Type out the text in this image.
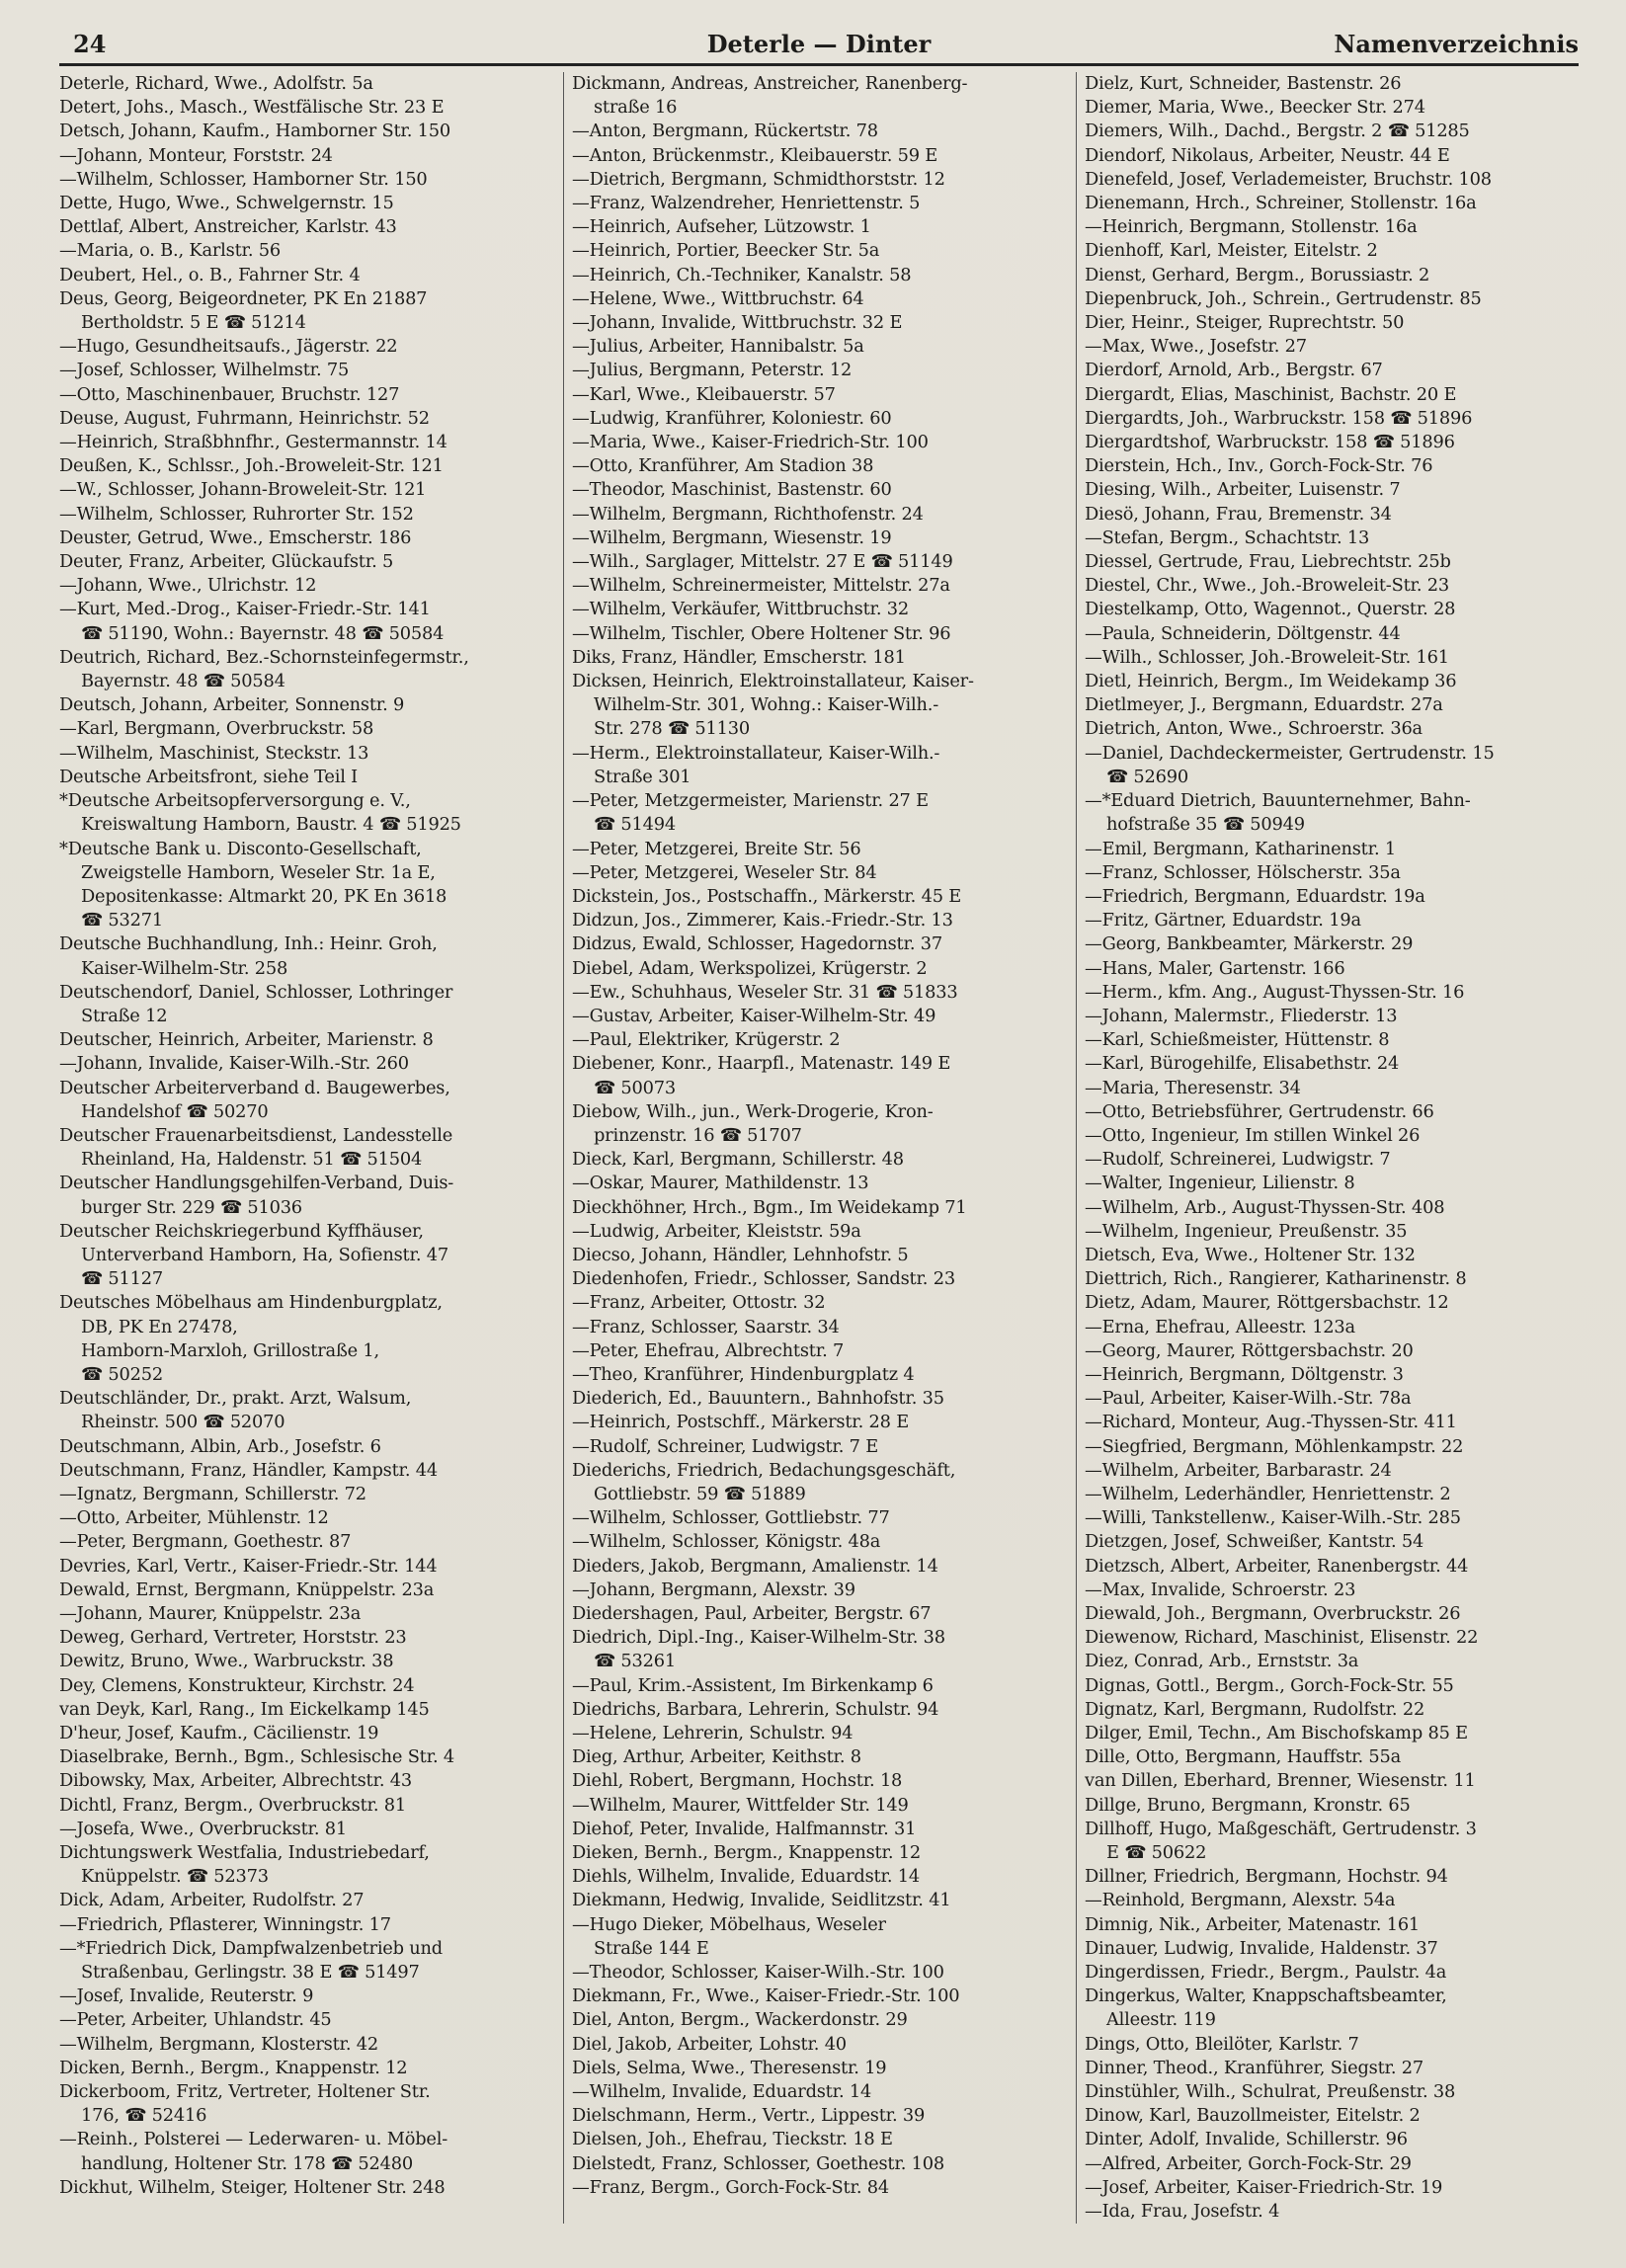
24	Deterle — Dinter	Namenverzeichnis

Deterle, Richard, Wwe., Adolfstr. 5a

Detert, Johs., Masch., Westfälische Str. 23 E

Detsch, Johann, Kaufm., Hamborner Str. 150

—Johann, Monteur, Forststr. 24

—Wilhelm, Schlosser, Hamborner Str. 150

Dette, Hugo, Wwe., Schwelgernstr. 15

Dettlaf, Albert, Anstreicher, Karlstr. 43

—Maria, o. B., Karlstr. 56

Deubert, Hel., o. B., Fahrner Str. 4

Deus, Georg, Beigeordneter, PK En 21887
Bertholdstr. 5 E ☎ 51214

—Hugo, Gesundheitsaufs., Jägerstr. 22

—Josef, Schlosser, Wilhelmstr. 75

—Otto, Maschinenbauer, Bruchstr. 127

Deuse, August, Fuhrmann, Heinrichstr. 52

—Heinrich, Straßbhnfhr., Gestermannstr. 14

Deußen, K., Schlssr., Joh.-Broweleit-Str. 121

—W., Schlosser, Johann-Broweleit-Str. 121

—Wilhelm, Schlosser, Ruhrorter Str. 152

Deuster, Getrud, Wwe., Emscherstr. 186

Deuter, Franz, Arbeiter, Glückaufstr. 5

—Johann, Wwe., Ulrichstr. 12

—Kurt, Med.-Drog., Kaiser-Friedr.-Str. 141
☎ 51190, Wohn.: Bayernstr. 48 ☎ 50584

Deutrich, Richard, Bez.-Schornsteinfegermstr.,
Bayernstr. 48 ☎ 50584

Deutsch, Johann, Arbeiter, Sonnenstr. 9

—Karl, Bergmann, Overbruckstr. 58

—Wilhelm, Maschinist, Steckstr. 13

Deutsche Arbeitsfront, siehe Teil I

*Deutsche Arbeitsopferversorgung e. V.,
Kreiswaltung Hamborn, Baustr. 4 ☎ 51925

*Deutsche Bank u. Disconto-Gesellschaft,
Zweigstelle Hamborn, Weseler Str. 1a E,
Depositenkasse: Altmarkt 20, PK En 3618
☎ 53271

Deutsche Buchhandlung, Inh.: Heinr. Groh,
Kaiser-Wilhelm-Str. 258

Deutschendorf, Daniel, Schlosser, Lothringer
Straße 12

Deutscher, Heinrich, Arbeiter, Marienstr. 8

—Johann, Invalide, Kaiser-Wilh.-Str. 260

Deutscher Arbeiterverband d. Baugewerbes,
Handelshof ☎ 50270

Deutscher Frauenarbeitsdienst, Landesstelle
Rheinland, Ha, Haldenstr. 51 ☎ 51504

Deutscher Handlungsgehilfen-Verband, Duis-
burger Str. 229 ☎ 51036

Deutscher Reichskriegerbund Kyffhäuser,
Unterverband Hamborn, Ha, Sofienstr. 47
☎ 51127

Deutsches Möbelhaus am Hindenburgplatz,
DB, PK En 27478,
Hamborn-Marxloh, Grillostraße 1,
☎ 50252

Deutschländer, Dr., prakt. Arzt, Walsum,
Rheinstr. 500 ☎ 52070

Deutschmann, Albin, Arb., Josefstr. 6

Deutschmann, Franz, Händler, Kampstr. 44

—Ignatz, Bergmann, Schillerstr. 72

—Otto, Arbeiter, Mühlenstr. 12

—Peter, Bergmann, Goethestr. 87

Devries, Karl, Vertr., Kaiser-Friedr.-Str. 144

Dewald, Ernst, Bergmann, Knüppelstr. 23a

—Johann, Maurer, Knüppelstr. 23a

Deweg, Gerhard, Vertreter, Horststr. 23

Dewitz, Bruno, Wwe., Warbruckstr. 38

Dey, Clemens, Konstrukteur, Kirchstr. 24

van Deyk, Karl, Rang., Im Eickelkamp 145

D'heur, Josef, Kaufm., Cäcilienstr. 19

Diaselbrake, Bernh., Bgm., Schlesische Str. 4

Dibowsky, Max, Arbeiter, Albrechtstr. 43

Dichtl, Franz, Bergm., Overbruckstr. 81

—Josefa, Wwe., Overbruckstr. 81

Dichtungswerk Westfalia, Industriebedarf,
Knüppelstr. ☎ 52373

Dick, Adam, Arbeiter, Rudolfstr. 27

—Friedrich, Pflasterer, Winningstr. 17

—*Friedrich Dick, Dampfwalzenbetrieb und
Straßenbau, Gerlingstr. 38 E ☎ 51497

—Josef, Invalide, Reuterstr. 9

—Peter, Arbeiter, Uhlandstr. 45

—Wilhelm, Bergmann, Klosterstr. 42

Dicken, Bernh., Bergm., Knappenstr. 12

Dickerboom, Fritz, Vertreter, Holtener Str.
176, ☎ 52416

—Reinh., Polsterei — Lederwaren- u. Möbel-
handlung, Holtener Str. 178 ☎ 52480

Dickhut, Wilhelm, Steiger, Holtener Str. 248

Dickmann, Andreas, Anstreicher, Ranenberg-
straße 16

—Anton, Bergmann, Rückertstr. 78

—Anton, Brückenmstr., Kleibauerstr. 59 E

—Dietrich, Bergmann, Schmidthorststr. 12

—Franz, Walzendreher, Henriettenstr. 5

—Heinrich, Aufseher, Lützowstr. 1

—Heinrich, Portier, Beecker Str. 5a

—Heinrich, Ch.-Techniker, Kanalstr. 58

—Helene, Wwe., Wittbruchstr. 64

—Johann, Invalide, Wittbruchstr. 32 E

—Julius, Arbeiter, Hannibalstr. 5a

—Julius, Bergmann, Peterstr. 12

—Karl, Wwe., Kleibauerstr. 57

—Ludwig, Kranführer, Koloniestr. 60

—Maria, Wwe., Kaiser-Friedrich-Str. 100

—Otto, Kranführer, Am Stadion 38

—Theodor, Maschinist, Bastenstr. 60

—Wilhelm, Bergmann, Richthofenstr. 24

—Wilhelm, Bergmann, Wiesenstr. 19

—Wilh., Sarglager, Mittelstr. 27 E ☎ 51149

—Wilhelm, Schreinermeister, Mittelstr. 27a

—Wilhelm, Verkäufer, Wittbruchstr. 32

—Wilhelm, Tischler, Obere Holtener Str. 96

Diks, Franz, Händler, Emscherstr. 181

Dicksen, Heinrich, Elektroinstallateur, Kaiser-
Wilhelm-Str. 301, Wohng.: Kaiser-Wilh.-
Str. 278 ☎ 51130

—Herm., Elektroinstallateur, Kaiser-Wilh.-
Straße 301

—Peter, Metzgermeister, Marienstr. 27 E
☎ 51494

—Peter, Metzgerei, Breite Str. 56

—Peter, Metzgerei, Weseler Str. 84

Dickstein, Jos., Postschaffn., Märkerstr. 45 E

Didzun, Jos., Zimmerer, Kais.-Friedr.-Str. 13

Didzus, Ewald, Schlosser, Hagedornstr. 37

Diebel, Adam, Werkspolizei, Krügerstr. 2

—Ew., Schuhhaus, Weseler Str. 31 ☎ 51833

—Gustav, Arbeiter, Kaiser-Wilhelm-Str. 49

—Paul, Elektriker, Krügerstr. 2

Diebener, Konr., Haarpfl., Matenastr. 149 E
☎ 50073

Diebow, Wilh., jun., Werk-Drogerie, Kron-
prinzenstr. 16 ☎ 51707

Dieck, Karl, Bergmann, Schillerstr. 48

—Oskar, Maurer, Mathildenstr. 13

Dieckhöhner, Hrch., Bgm., Im Weidekamp 71

—Ludwig, Arbeiter, Kleiststr. 59a

Diecso, Johann, Händler, Lehnhofstr. 5

Diedenhofen, Friedr., Schlosser, Sandstr. 23

—Franz, Arbeiter, Ottostr. 32

—Franz, Schlosser, Saarstr. 34

—Peter, Ehefrau, Albrechtstr. 7

—Theo, Kranführer, Hindenburgplatz 4

Diederich, Ed., Bauuntern., Bahnhofstr. 35

—Heinrich, Postschff., Märkerstr. 28 E

—Rudolf, Schreiner, Ludwigstr. 7 E

Diederichs, Friedrich, Bedachungsgeschäft,
Gottliebstr. 59 ☎ 51889

—Wilhelm, Schlosser, Gottliebstr. 77

—Wilhelm, Schlosser, Königstr. 48a

Dieders, Jakob, Bergmann, Amalienstr. 14

—Johann, Bergmann, Alexstr. 39

Diedershagen, Paul, Arbeiter, Bergstr. 67

Diedrich, Dipl.-Ing., Kaiser-Wilhelm-Str. 38
☎ 53261

—Paul, Krim.-Assistent, Im Birkenkamp 6

Diedrichs, Barbara, Lehrerin, Schulstr. 94

—Helene, Lehrerin, Schulstr. 94

Dieg, Arthur, Arbeiter, Keithstr. 8

Diehl, Robert, Bergmann, Hochstr. 18

—Wilhelm, Maurer, Wittfelder Str. 149

Diehof, Peter, Invalide, Halfmannstr. 31

Dieken, Bernh., Bergm., Knappenstr. 12

Diehls, Wilhelm, Invalide, Eduardstr. 14

Diekmann, Hedwig, Invalide, Seidlitzstr. 41

—Hugo Dieker, Möbelhaus, Weseler
Straße 144 E

—Theodor, Schlosser, Kaiser-Wilh.-Str. 100

Diekmann, Fr., Wwe., Kaiser-Friedr.-Str. 100

Diel, Anton, Bergm., Wackerdonstr. 29

Diel, Jakob, Arbeiter, Lohstr. 40

Diels, Selma, Wwe., Theresenstr. 19

—Wilhelm, Invalide, Eduardstr. 14

Dielschmann, Herm., Vertr., Lippestr. 39

Dielsen, Joh., Ehefrau, Tieckstr. 18 E

Dielstedt, Franz, Schlosser, Goethestr. 108

—Franz, Bergm., Gorch-Fock-Str. 84

Dielz, Kurt, Schneider, Bastenstr. 26

Diemer, Maria, Wwe., Beecker Str. 274

Diemers, Wilh., Dachd., Bergstr. 2 ☎ 51285

Diendorf, Nikolaus, Arbeiter, Neustr. 44 E

Dienefeld, Josef, Verlademeister, Bruchstr. 108

Dienemann, Hrch., Schreiner, Stollenstr. 16a

—Heinrich, Bergmann, Stollenstr. 16a

Dienhoff, Karl, Meister, Eitelstr. 2

Dienst, Gerhard, Bergm., Borussiastr. 2

Diepenbruck, Joh., Schrein., Gertrudenstr. 85

Dier, Heinr., Steiger, Ruprechtstr. 50

—Max, Wwe., Josefstr. 27

Dierdorf, Arnold, Arb., Bergstr. 67

Diergardt, Elias, Maschinist, Bachstr. 20 E

Diergardts, Joh., Warbruckstr. 158 ☎ 51896

Diergardtshof, Warbruckstr. 158 ☎ 51896

Dierstein, Hch., Inv., Gorch-Fock-Str. 76

Diesing, Wilh., Arbeiter, Luisenstr. 7

Diesö, Johann, Frau, Bremenstr. 34

—Stefan, Bergm., Schachtstr. 13

Diessel, Gertrude, Frau, Liebrechtstr. 25b

Diestel, Chr., Wwe., Joh.-Broweleit-Str. 23

Diestelkamp, Otto, Wagennot., Querstr. 28

—Paula, Schneiderin, Döltgenstr. 44

—Wilh., Schlosser, Joh.-Broweleit-Str. 161

Dietl, Heinrich, Bergm., Im Weidekamp 36

Dietlmeyer, J., Bergmann, Eduardstr. 27a

Dietrich, Anton, Wwe., Schroerstr. 36a

—Daniel, Dachdeckermeister, Gertrudenstr. 15
☎ 52690

—*Eduard Dietrich, Bauunternehmer, Bahn-
hofstraße 35 ☎ 50949

—Emil, Bergmann, Katharinenstr. 1

—Franz, Schlosser, Hölscherstr. 35a

—Friedrich, Bergmann, Eduardstr. 19a

—Fritz, Gärtner, Eduardstr. 19a

—Georg, Bankbeamter, Märkerstr. 29

—Hans, Maler, Gartenstr. 166

—Herm., kfm. Ang., August-Thyssen-Str. 16

—Johann, Malermstr., Fliederstr. 13

—Karl, Schießmeister, Hüttenstr. 8

—Karl, Bürogehilfe, Elisabethstr. 24

—Maria, Theresenstr. 34

—Otto, Betriebsführer, Gertrudenstr. 66

—Otto, Ingenieur, Im stillen Winkel 26

—Rudolf, Schreinerei, Ludwigstr. 7

—Walter, Ingenieur, Lilienstr. 8

—Wilhelm, Arb., August-Thyssen-Str. 408

—Wilhelm, Ingenieur, Preußenstr. 35

Dietsch, Eva, Wwe., Holtener Str. 132

Diettrich, Rich., Rangierer, Katharinenstr. 8

Dietz, Adam, Maurer, Röttgersbachstr. 12

—Erna, Ehefrau, Alleestr. 123a

—Georg, Maurer, Röttgersbachstr. 20

—Heinrich, Bergmann, Döltgenstr. 3

—Paul, Arbeiter, Kaiser-Wilh.-Str. 78a

—Richard, Monteur, Aug.-Thyssen-Str. 411

—Siegfried, Bergmann, Möhlenkampstr. 22

—Wilhelm, Arbeiter, Barbarastr. 24

—Wilhelm, Lederhändler, Henriettenstr. 2

—Willi, Tankstellenw., Kaiser-Wilh.-Str. 285

Dietzgen, Josef, Schweißer, Kantstr. 54

Dietzsch, Albert, Arbeiter, Ranenbergstr. 44

—Max, Invalide, Schroerstr. 23

Diewald, Joh., Bergmann, Overbruckstr. 26

Diewenow, Richard, Maschinist, Elisenstr. 22

Diez, Conrad, Arb., Ernststr. 3a

Dignas, Gottl., Bergm., Gorch-Fock-Str. 55

Dignatz, Karl, Bergmann, Rudolfstr. 22

Dilger, Emil, Techn., Am Bischofskamp 85 E

Dille, Otto, Bergmann, Hauffstr. 55a

van Dillen, Eberhard, Brenner, Wiesenstr. 11

Dillge, Bruno, Bergmann, Kronstr. 65

Dillhoff, Hugo, Maßgeschäft, Gertrudenstr. 3
E ☎ 50622

Dillner, Friedrich, Bergmann, Hochstr. 94

—Reinhold, Bergmann, Alexstr. 54a

Dimnig, Nik., Arbeiter, Matenastr. 161

Dinauer, Ludwig, Invalide, Haldenstr. 37

Dingerdissen, Friedr., Bergm., Paulstr. 4a

Dingerkus, Walter, Knappschaftsbeamter,
Alleestr. 119

Dings, Otto, Bleilöter, Karlstr. 7

Dinner, Theod., Kranführer, Siegstr. 27

Dinstühler, Wilh., Schulrat, Preußenstr. 38

Dinow, Karl, Bauzollmeister, Eitelstr. 2

Dinter, Adolf, Invalide, Schillerstr. 96

—Alfred, Arbeiter, Gorch-Fock-Str. 29

—Josef, Arbeiter, Kaiser-Friedrich-Str. 19

—Ida, Frau, Josefstr. 4
